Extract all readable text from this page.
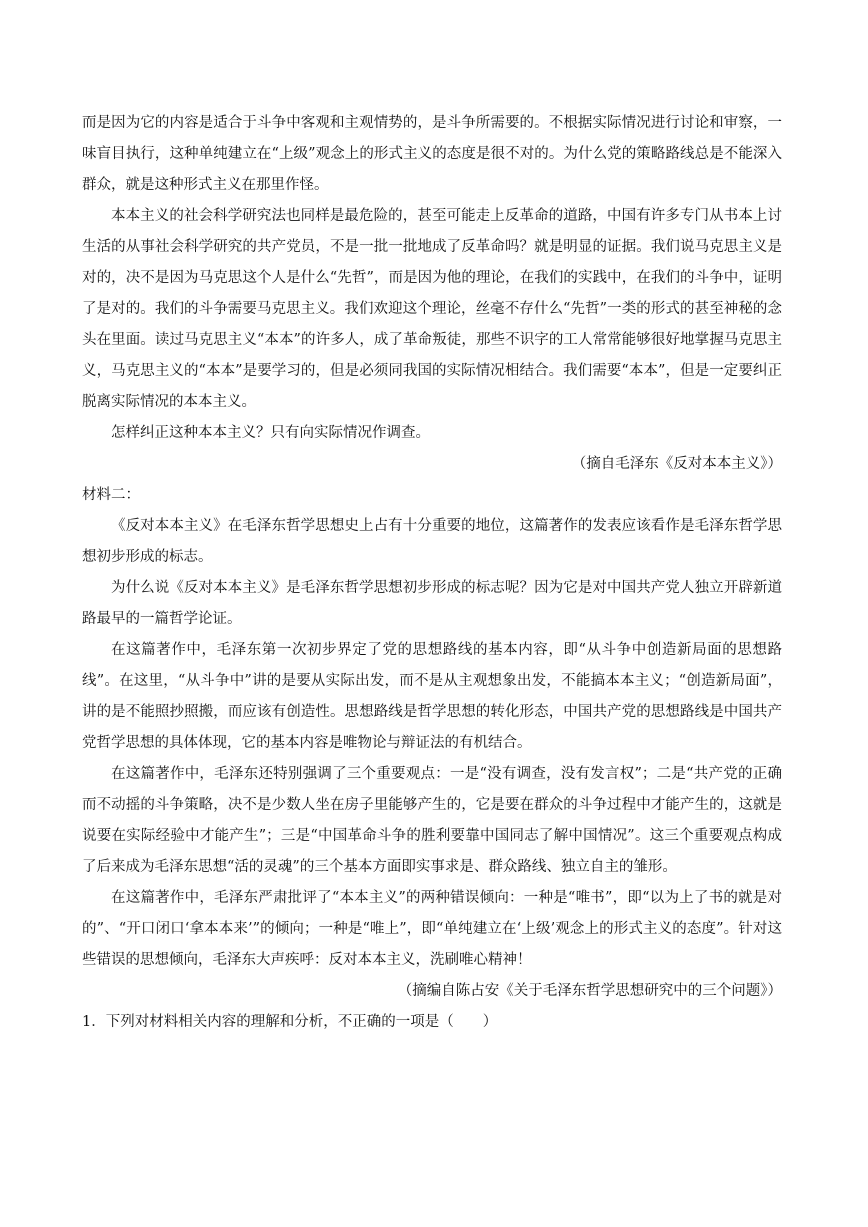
而是因为它的内容是适合于斗争中客观和主观情势的，是斗争所需要的。不根据实际情况进行讨论和审察，一味盲目执行，这种单纯建立在“上级”观念上的形式主义的态度是很不对的。为什么党的策略路线总是不能深入群众，就是这种形式主义在那里作怪。

本本主义的社会科学研究法也同样是最危险的，甚至可能走上反革命的道路，中国有许多专门从书本上讨生活的从事社会科学研究的共产党员，不是一批一批地成了反革命吗？就是明显的证据。我们说马克思主义是对的，决不是因为马克思这个人是什么“先哲”，而是因为他的理论，在我们的实践中，在我们的斗争中，证明了是对的。我们的斗争需要马克思主义。我们欢迎这个理论，丝毫不存什么“先哲”一类的形式的甚至神秘的念头在里面。读过马克思主义“本本”的许多人，成了革命叛徒，那些不识字的工人常常能够很好地掌握马克思主义，马克思主义的“本本”是要学习的，但是必须同我国的实际情况相结合。我们需要“本本”，但是一定要纠正脱离实际情况的本本主义。

怎样纠正这种本本主义？只有向实际情况作调查。

（摘自毛泽东《反对本本主义》）

材料二：

《反对本本主义》在毛泽东哲学思想史上占有十分重要的地位，这篇著作的发表应该看作是毛泽东哲学思想初步形成的标志。

为什么说《反对本本主义》是毛泽东哲学思想初步形成的标志呢？因为它是对中国共产党人独立开辟新道路最早的一篇哲学论证。

在这篇著作中，毛泽东第一次初步界定了党的思想路线的基本内容，即“从斗争中创造新局面的思想路线”。在这里，“从斗争中”讲的是要从实际出发，而不是从主观想象出发，不能搞本本主义；“创造新局面”，讲的是不能照抄照搬，而应该有创造性。思想路线是哲学思想的转化形态，中国共产党的思想路线是中国共产党哲学思想的具体体现，它的基本内容是唯物论与辩证法的有机结合。

在这篇著作中，毛泽东还特别强调了三个重要观点：一是“没有调查，没有发言权”；二是“共产党的正确而不动摇的斗争策略，决不是少数人坐在房子里能够产生的，它是要在群众的斗争过程中才能产生的，这就是说要在实际经验中才能产生”；三是“中国革命斗争的胜利要靠中国同志了解中国情况”。这三个重要观点构成了后来成为毛泽东思想“活的灵魂”的三个基本方面即实事求是、群众路线、独立自主的雏形。

在这篇著作中，毛泽东严肃批评了“本本主义”的两种错误倾向：一种是“唯书”，即“以为上了书的就是对的”、“开口闭口‘拿本本来’”的倾向；一种是“唯上”，即“单纯建立在‘上级’观念上的形式主义的态度”。针对这些错误的思想倾向，毛泽东大声疾呼：反对本本主义，洗刷唯心精神！

（摘编自陈占安《关于毛泽东哲学思想研究中的三个问题》）

1．下列对材料相关内容的理解和分析，不正确的一项是（　　）
